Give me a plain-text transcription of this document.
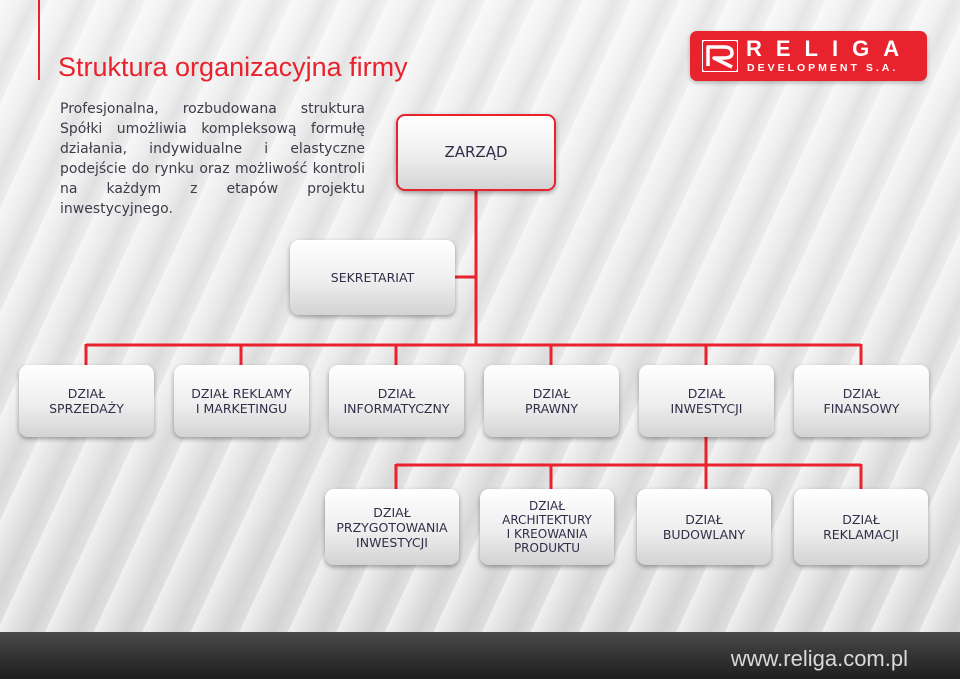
Struktura organizacyjna firmy
RELIGA
DEVELOPMENT S.A.
Profesjonalna, rozbudowana struktura Spółki umożliwia kompleksową formułę działania, indywidualne i elastyczne podejście do rynku oraz możliwość kontroli na każdym z etapów projektu inwestycyjnego.
ZARZĄD
SEKRETARIAT
DZIAŁ
SPRZEDAŻY
DZIAŁ REKLAMY
I MARKETINGU
DZIAŁ
INFORMATYCZNY
DZIAŁ
PRAWNY
DZIAŁ
INWESTYCJI
DZIAŁ
FINANSOWY
DZIAŁ
PRZYGOTOWANIA
INWESTYCJI
DZIAŁ
ARCHITEKTURY
I KREOWANIA
PRODUKTU
DZIAŁ
BUDOWLANY
DZIAŁ
REKLAMACJI
www.religa.com.pl
